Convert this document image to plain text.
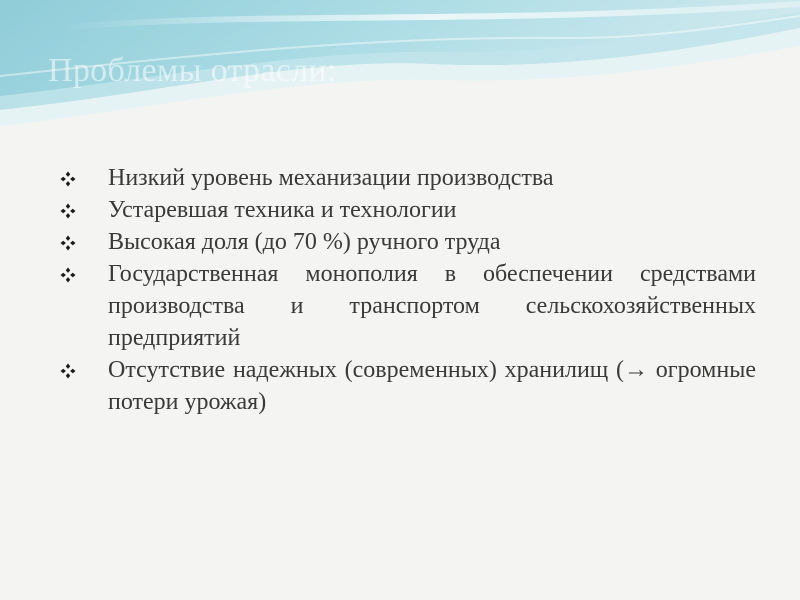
Проблемы отрасли:
Низкий уровень механизации производства
Устаревшая техника и технологии
Высокая доля (до 70 %) ручного труда
Государственная монополия в обеспечении средствами производства и транспортом сельскохозяйственных предприятий
Отсутствие надежных (современных) хранилищ (→ огромные потери урожая)
